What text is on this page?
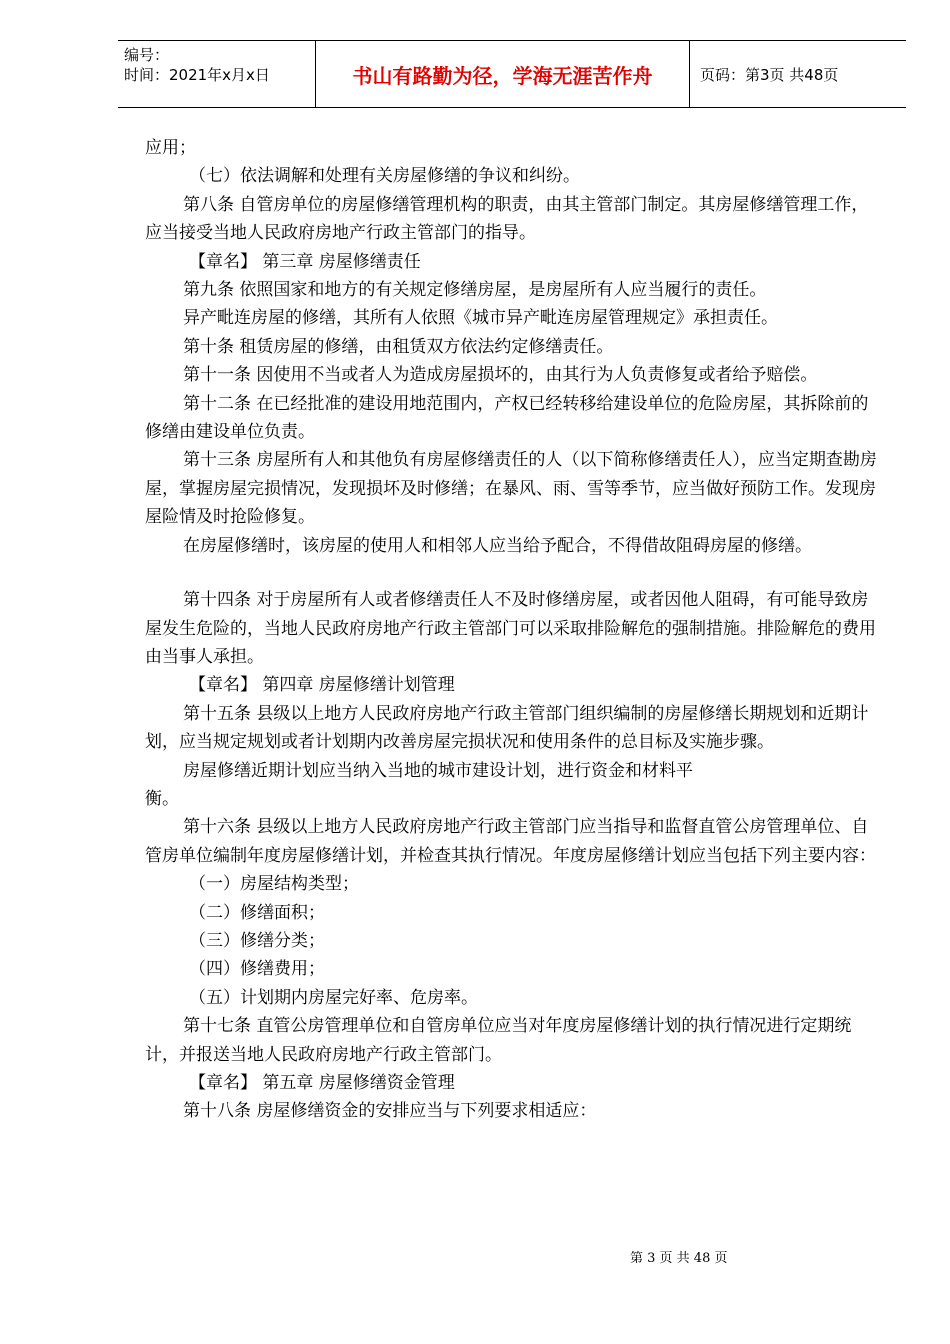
编号：
时间：2021年x月x日	书山有路勤为径，学海无涯苦作舟	页码：第3页 共48页

应用；

（七）依法调解和处理有关房屋修缮的争议和纠纷。

第八条 自管房单位的房屋修缮管理机构的职责，由其主管部门制定。其房屋修缮管理工作，应当接受当地人民政府房地产行政主管部门的指导。

【章名】 第三章 房屋修缮责任

第九条 依照国家和地方的有关规定修缮房屋，是房屋所有人应当履行的责任。

异产毗连房屋的修缮，其所有人依照《城市异产毗连房屋管理规定》承担责任。

第十条 租赁房屋的修缮，由租赁双方依法约定修缮责任。

第十一条 因使用不当或者人为造成房屋损坏的，由其行为人负责修复或者给予赔偿。

第十二条 在已经批准的建设用地范围内，产权已经转移给建设单位的危险房屋，其拆除前的修缮由建设单位负责。

第十三条 房屋所有人和其他负有房屋修缮责任的人（以下简称修缮责任人），应当定期查勘房屋，掌握房屋完损情况，发现损坏及时修缮；在暴风、雨、雪等季节，应当做好预防工作。发现房屋险情及时抢险修复。

在房屋修缮时，该房屋的使用人和相邻人应当给予配合，不得借故阻碍房屋的修缮。

第十四条 对于房屋所有人或者修缮责任人不及时修缮房屋，或者因他人阻碍，有可能导致房屋发生危险的，当地人民政府房地产行政主管部门可以采取排险解危的强制措施。排险解危的费用由当事人承担。

【章名】 第四章 房屋修缮计划管理

第十五条 县级以上地方人民政府房地产行政主管部门组织编制的房屋修缮长期规划和近期计划，应当规定规划或者计划期内改善房屋完损状况和使用条件的总目标及实施步骤。

房屋修缮近期计划应当纳入当地的城市建设计划，进行资金和材料平

衡。

第十六条 县级以上地方人民政府房地产行政主管部门应当指导和监督直管公房管理单位、自管房单位编制年度房屋修缮计划，并检查其执行情况。年度房屋修缮计划应当包括下列主要内容：

（一）房屋结构类型；

（二）修缮面积；

（三）修缮分类；

（四）修缮费用；

（五）计划期内房屋完好率、危房率。

第十七条 直管公房管理单位和自管房单位应当对年度房屋修缮计划的执行情况进行定期统计，并报送当地人民政府房地产行政主管部门。

【章名】 第五章 房屋修缮资金管理

第十八条 房屋修缮资金的安排应当与下列要求相适应：

第 3 页 共 48 页
